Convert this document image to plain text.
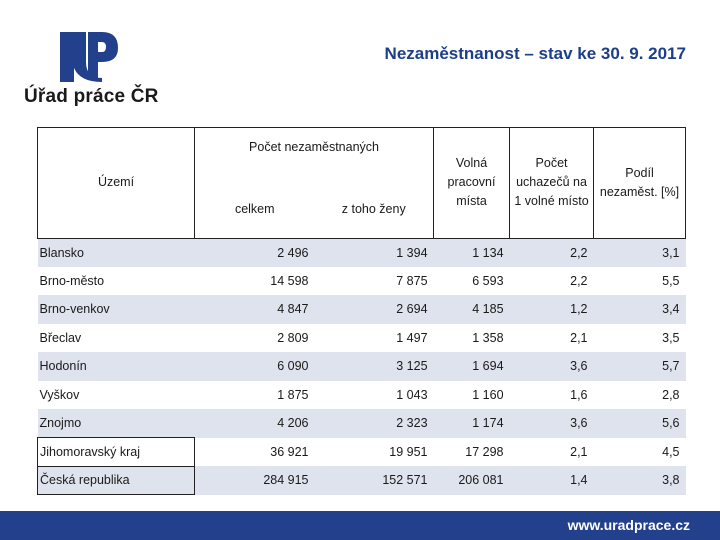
Úřad práce ČR
Nezaměstnanost – stav ke 30. 9. 2017
Území	Počet nezaměstnaných		Volná pracovní místa	Počet uchazečů na 1 volné místo	Podíl nezaměst. [%]
	celkem	z toho ženy			
Blansko	2 496	1 394	1 134	2,2	3,1
Brno-město	14 598	7 875	6 593	2,2	5,5
Brno-venkov	4 847	2 694	4 185	1,2	3,4
Břeclav	2 809	1 497	1 358	2,1	3,5
Hodonín	6 090	3 125	1 694	3,6	5,7
Vyškov	1 875	1 043	1 160	1,6	2,8
Znojmo	4 206	2 323	1 174	3,6	5,6
Jihomoravský kraj	36 921	19 951	17 298	2,1	4,5
Česká republika	284 915	152 571	206 081	1,4	3,8
www.uradprace.cz
